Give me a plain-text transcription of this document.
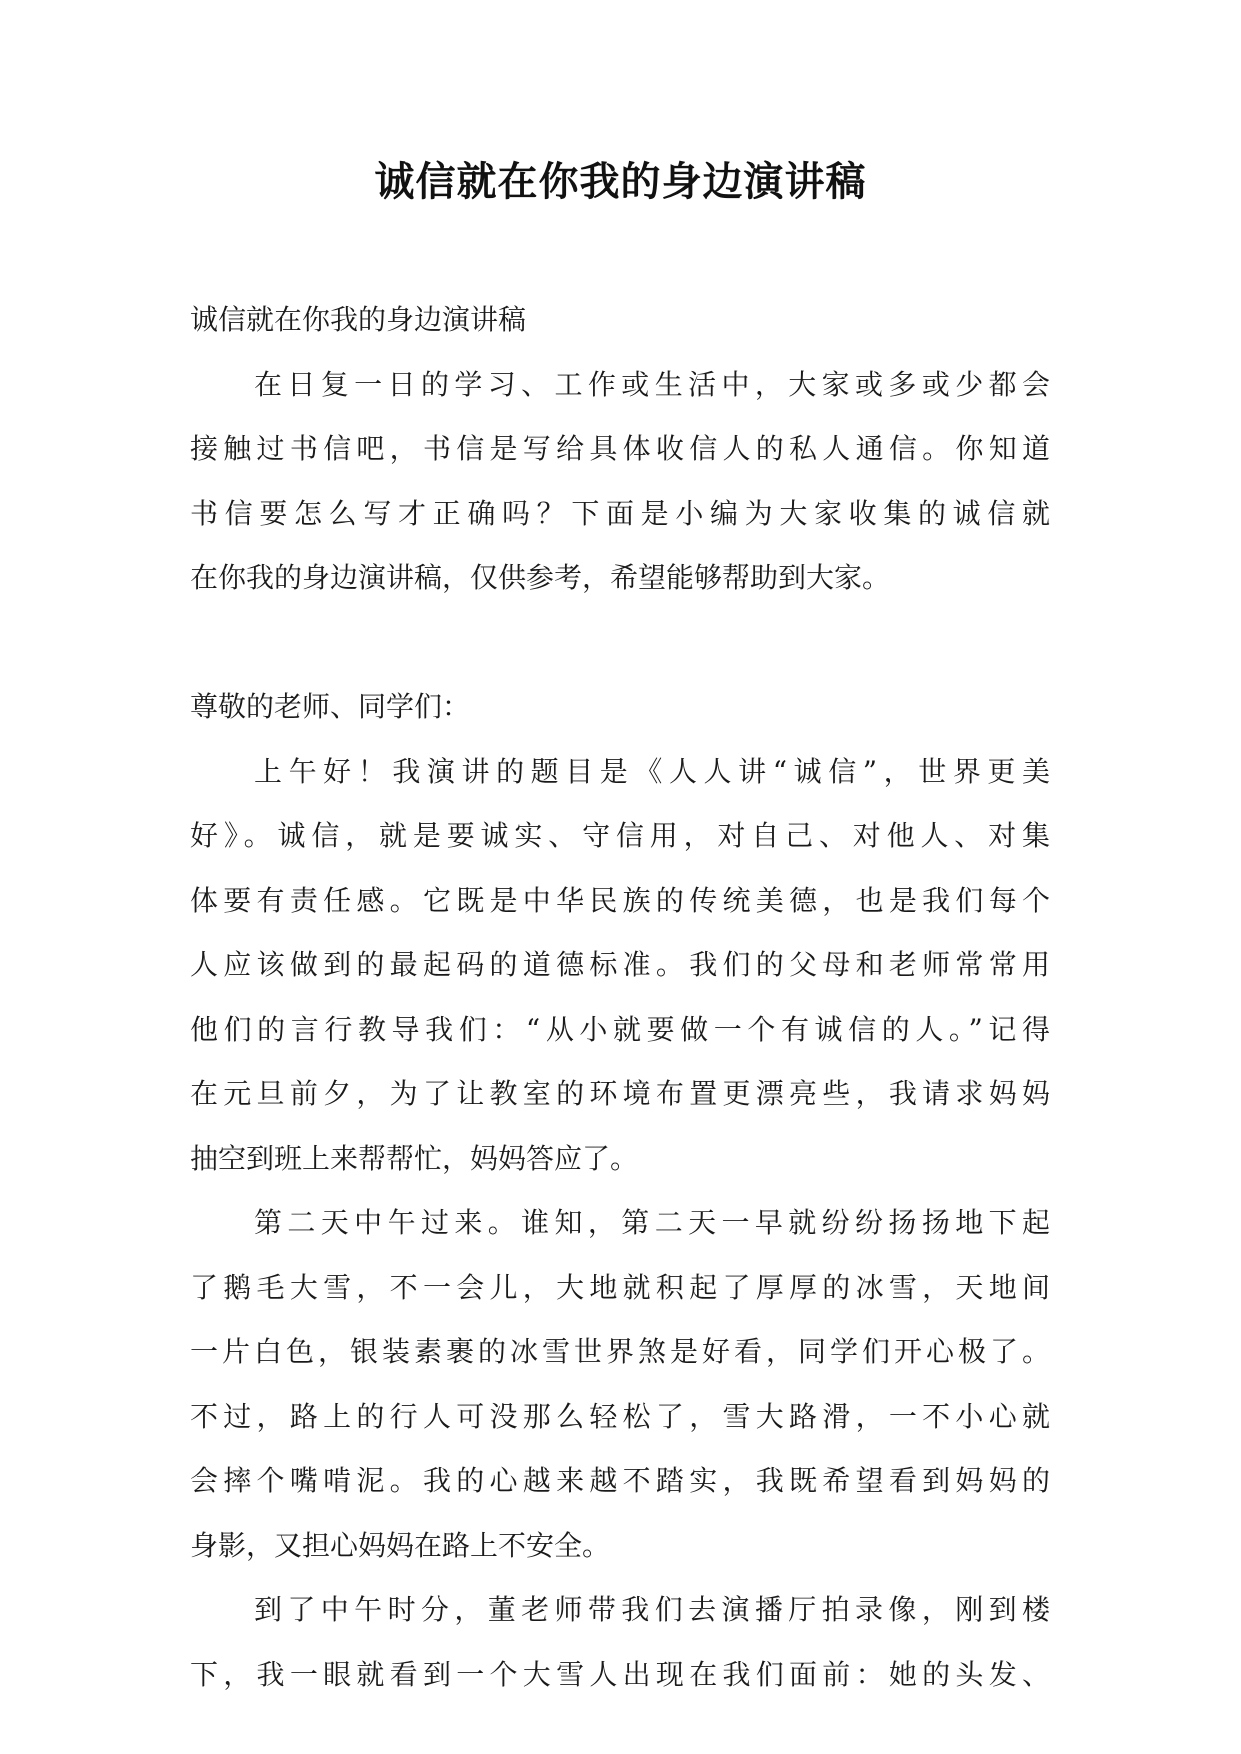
诚信就在你我的身边演讲稿
诚信就在你我的身边演讲稿
在日复一日的学习、工作或生活中，大家或多或少都会
接触过书信吧，书信是写给具体收信人的私人通信。你知道
书信要怎么写才正确吗？下面是小编为大家收集的诚信就
在你我的身边演讲稿，仅供参考，希望能够帮助到大家。
尊敬的老师、同学们：
上午好！我演讲的题目是《人人讲“诚信”，世界更美
好》。诚信，就是要诚实、守信用，对自己、对他人、对集
体要有责任感。它既是中华民族的传统美德，也是我们每个
人应该做到的最起码的道德标准。我们的父母和老师常常用
他们的言行教导我们：“从小就要做一个有诚信的人。”记得
在元旦前夕，为了让教室的环境布置更漂亮些，我请求妈妈
抽空到班上来帮帮忙，妈妈答应了。
第二天中午过来。谁知，第二天一早就纷纷扬扬地下起
了鹅毛大雪，不一会儿，大地就积起了厚厚的冰雪，天地间
一片白色，银装素裹的冰雪世界煞是好看，同学们开心极了。
不过，路上的行人可没那么轻松了，雪大路滑，一不小心就
会摔个嘴啃泥。我的心越来越不踏实，我既希望看到妈妈的
身影，又担心妈妈在路上不安全。
到了中午时分，董老师带我们去演播厅拍录像，刚到楼
下，我一眼就看到一个大雪人出现在我们面前：她的头发、
